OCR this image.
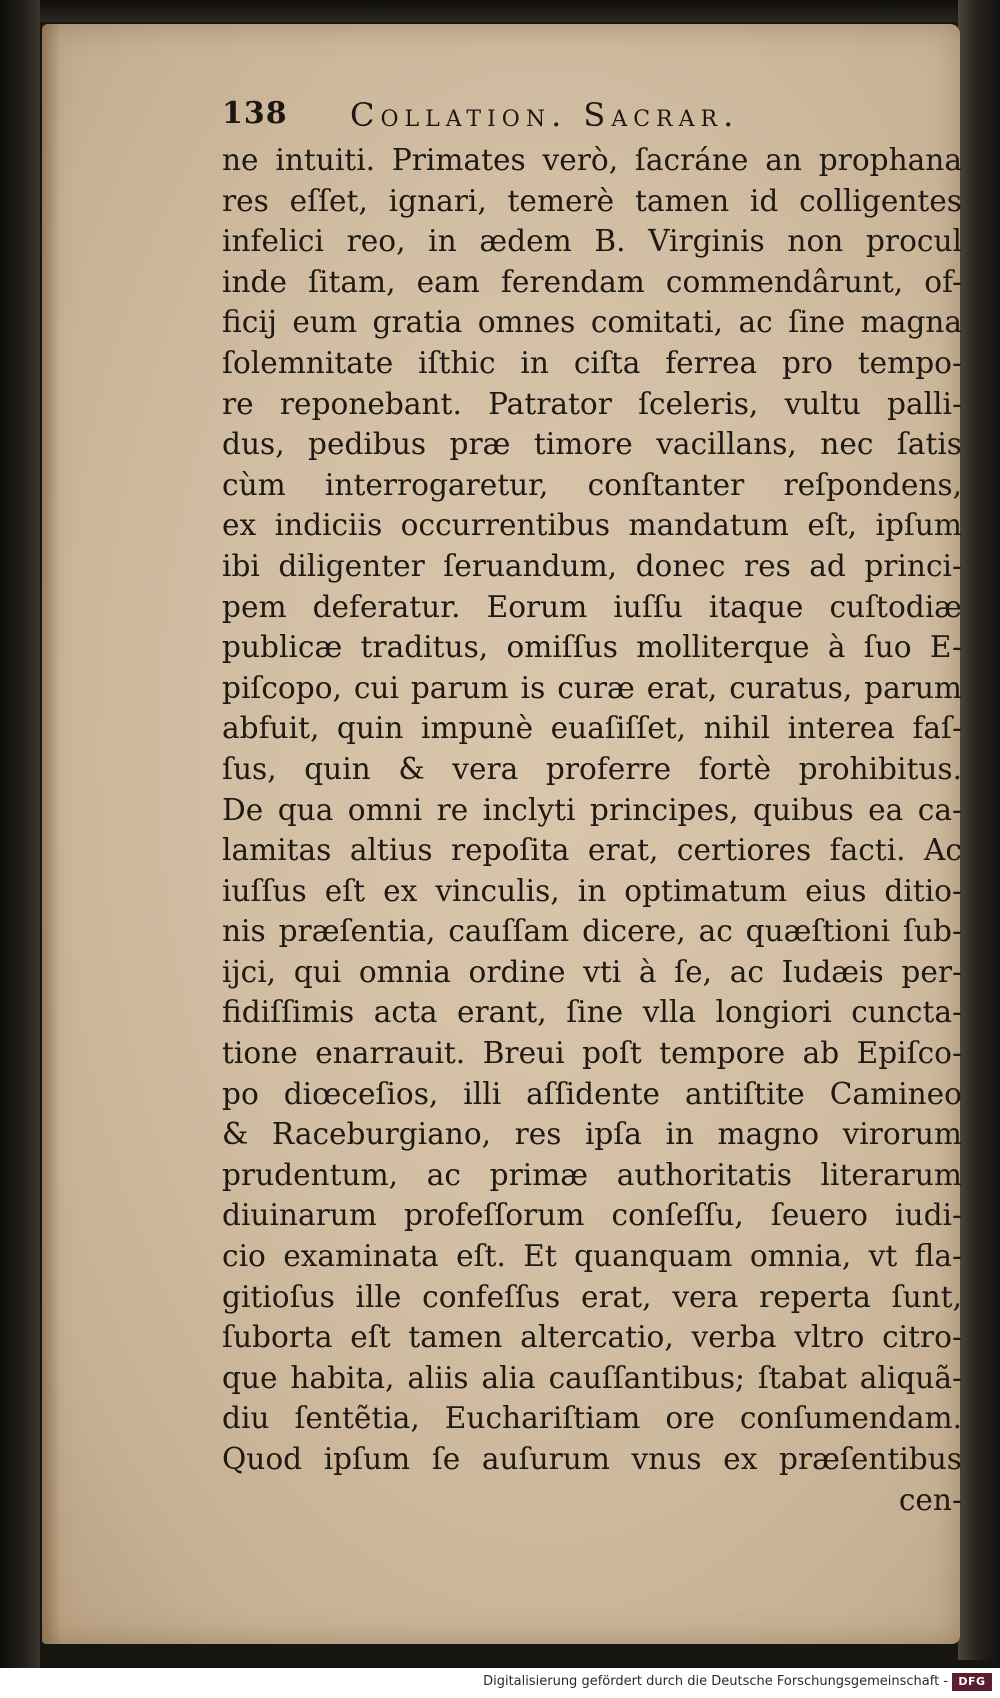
138 Collation. Sacrar.
ne intuiti. Primates verò, ſacráne an prophana
res eſſet, ignari, temerè tamen id colligentes
infelici reo, in ædem B. Virginis non procul
inde ſitam, eam ferendam commendârunt, of-
ficij eum gratia omnes comitati, ac ſine magna
ſolemnitate iſthic in ciſta ferrea pro tempo-
re reponebant. Patrator ſceleris, vultu palli-
dus, pedibus præ timore vacillans, nec ſatis
cùm interrogaretur, conſtanter reſpondens,
ex indiciis occurrentibus mandatum eſt, ipſum
ibi diligenter ſeruandum, donec res ad princi-
pem deferatur. Eorum iuſſu itaque cuſtodiæ
publicæ traditus, omiſſus molliterque à ſuo E-
piſcopo, cui parum is curæ erat, curatus, parum
abfuit, quin impunè euaſiſſet, nihil interea faſ-
ſus, quin & vera proferre fortè prohibitus.
De qua omni re inclyti principes, quibus ea ca-
lamitas altius repoſita erat, certiores facti. Ac
iuſſus eſt ex vinculis, in optimatum eius ditio-
nis præſentia, cauſſam dicere, ac quæſtioni ſub-
ijci, qui omnia ordine vti à ſe, ac Iudæis per-
fidiſſimis acta erant, ſine vlla longiori cuncta-
tione enarrauit. Breui poſt tempore ab Epiſco-
po diœceſios, illi aſſidente antiſtite Camineo
& Raceburgiano, res ipſa in magno virorum
prudentum, ac primæ authoritatis literarum
diuinarum profeſſorum conſeſſu, ſeuero iudi-
cio examinata eſt. Et quanquam omnia, vt fla-
gitioſus ille confeſſus erat, vera reperta ſunt,
ſuborta eſt tamen altercatio, verba vltro citro-
que habita, aliis alia cauſſantibus; ſtabat aliquã-
diu ſentẽtia, Euchariſtiam ore conſumendam.
Quod ipſum ſe auſurum vnus ex præſentibus
cen-
Digitalisierung gefördert durch die Deutsche Forschungsgemeinschaft - DFG
